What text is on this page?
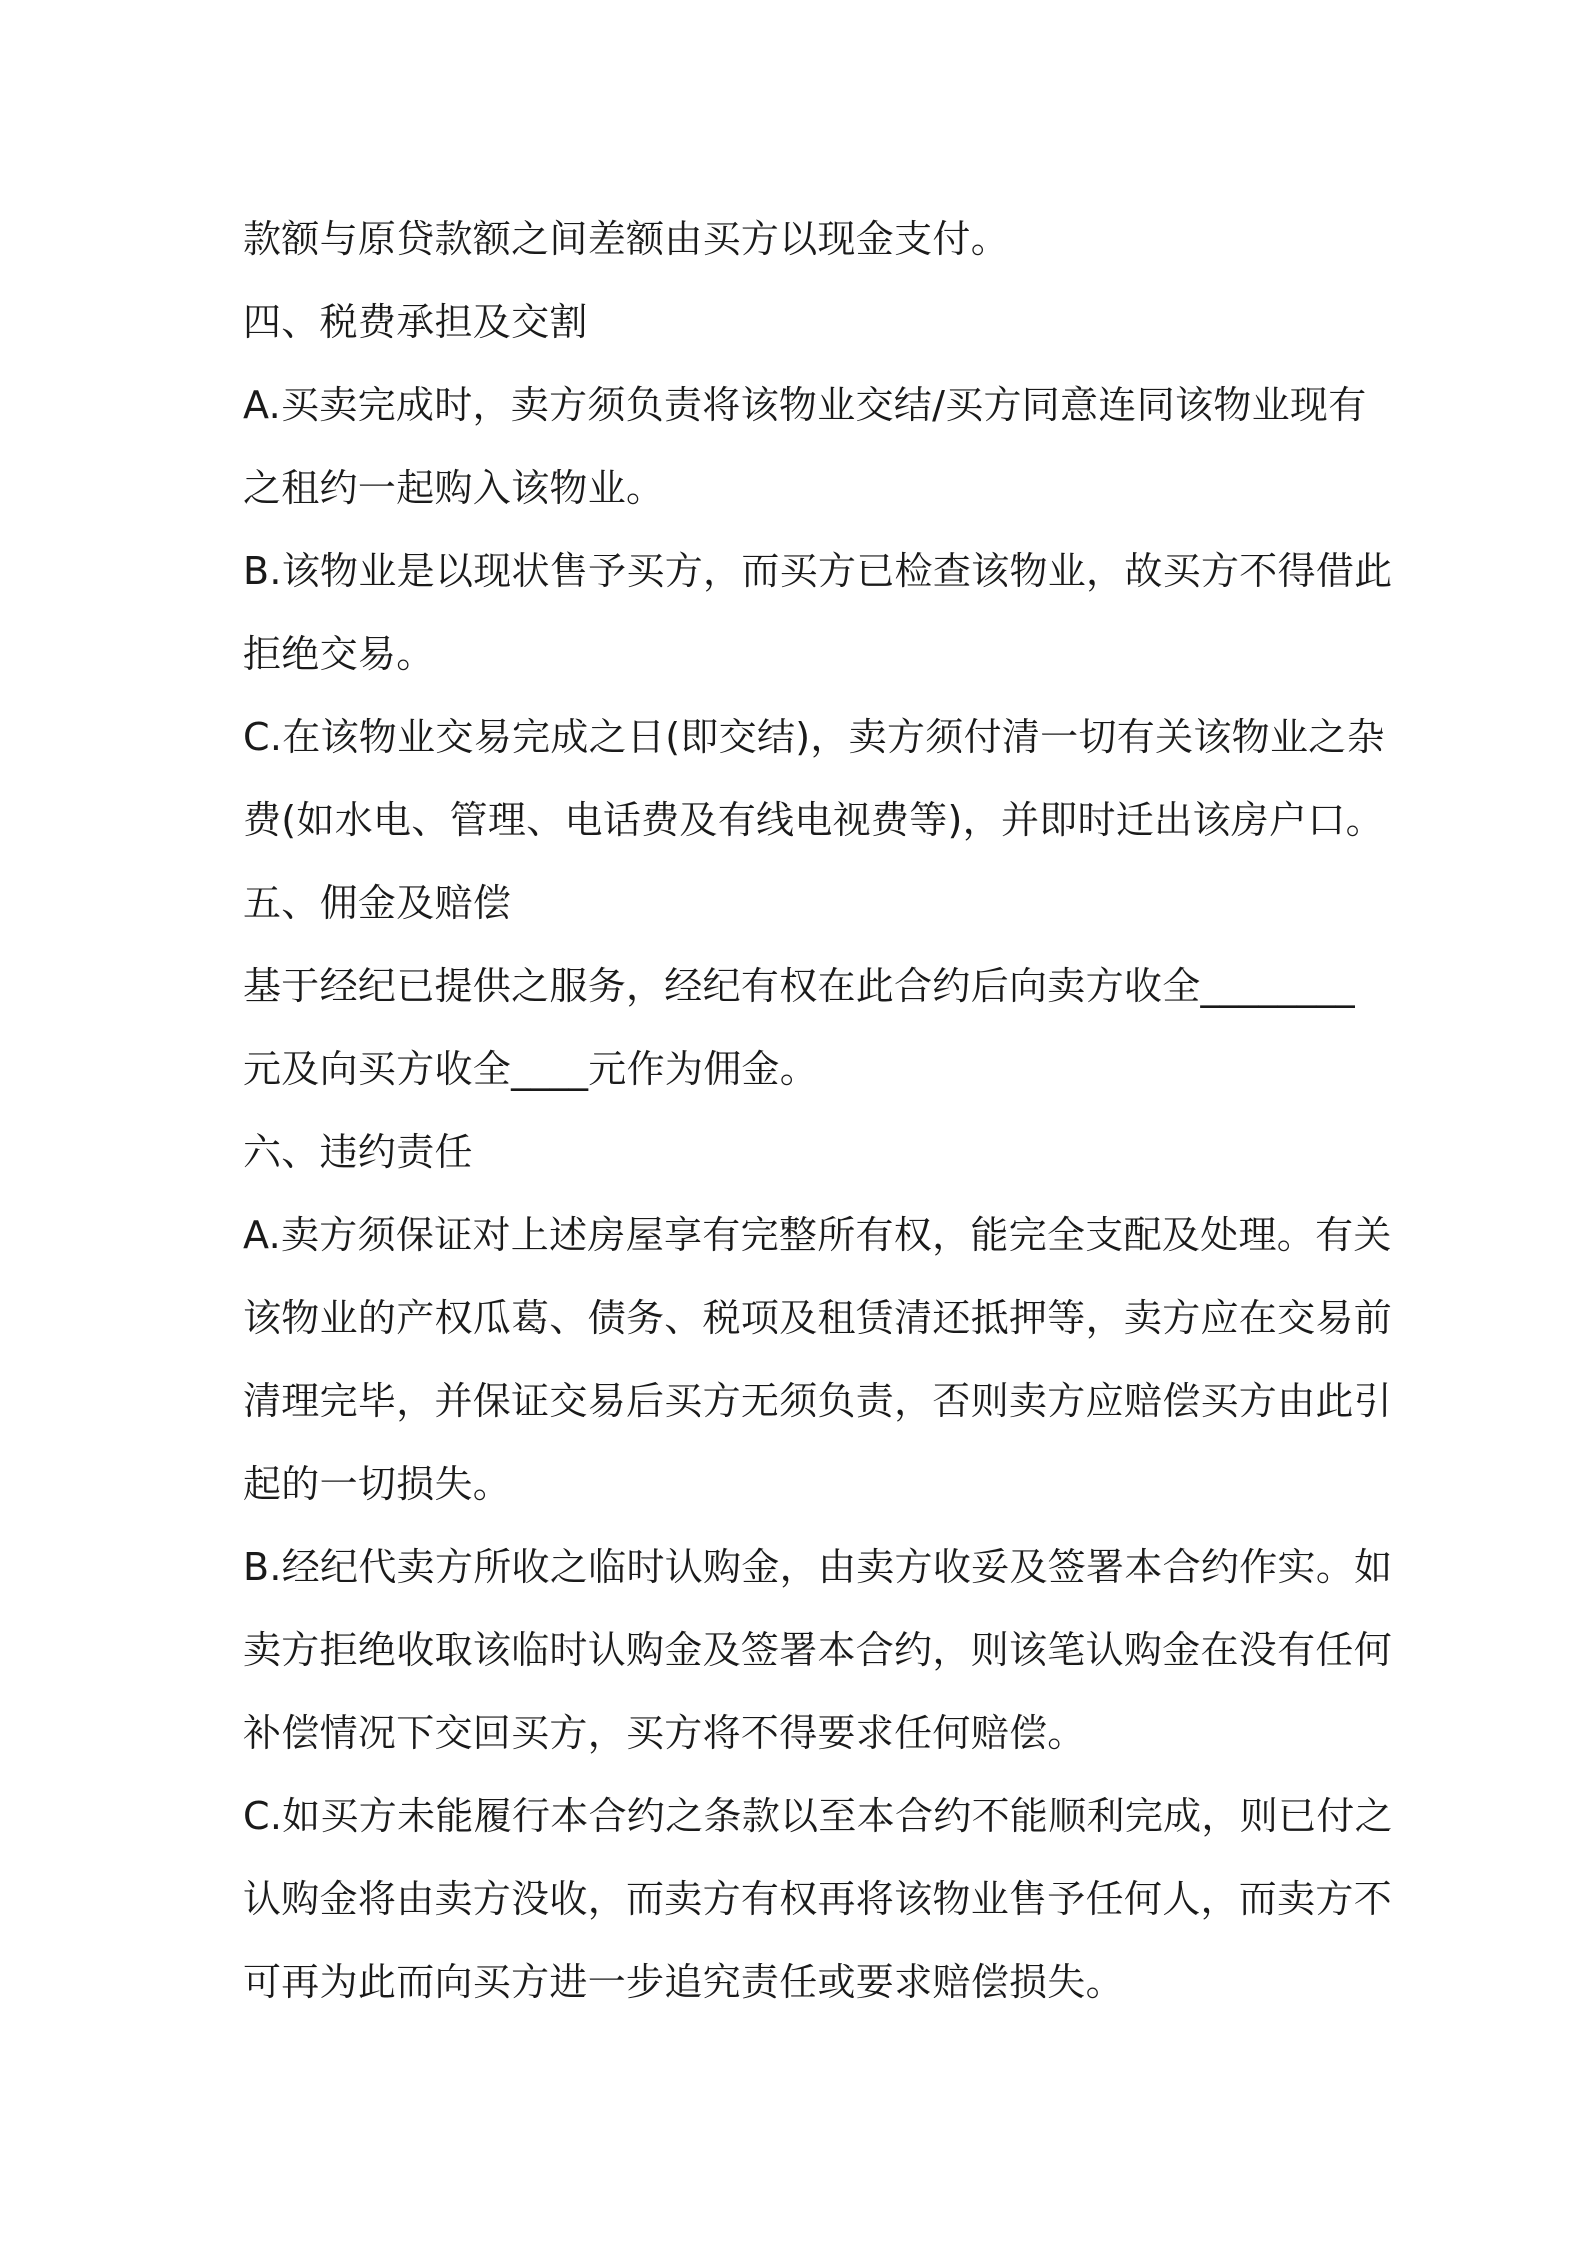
款额与原贷款额之间差额由买方以现金支付。
四、税费承担及交割
A.买卖完成时，卖方须负责将该物业交结/买方同意连同该物业现有
之租约一起购入该物业。
B.该物业是以现状售予买方，而买方已检查该物业，故买方不得借此
拒绝交易。
C.在该物业交易完成之日(即交结)，卖方须付清一切有关该物业之杂
费(如水电、管理、电话费及有线电视费等)，并即时迁出该房户口。
五、佣金及赔偿
基于经纪已提供之服务，经纪有权在此合约后向卖方收全________
元及向买方收全____元作为佣金。
六、违约责任
A.卖方须保证对上述房屋享有完整所有权，能完全支配及处理。有关
该物业的产权瓜葛、债务、税项及租赁清还抵押等，卖方应在交易前
清理完毕，并保证交易后买方无须负责，否则卖方应赔偿买方由此引
起的一切损失。
B.经纪代卖方所收之临时认购金，由卖方收妥及签署本合约作实。如
卖方拒绝收取该临时认购金及签署本合约，则该笔认购金在没有任何
补偿情况下交回买方，买方将不得要求任何赔偿。
C.如买方未能履行本合约之条款以至本合约不能顺利完成，则已付之
认购金将由卖方没收，而卖方有权再将该物业售予任何人，而卖方不
可再为此而向买方进一步追究责任或要求赔偿损失。
